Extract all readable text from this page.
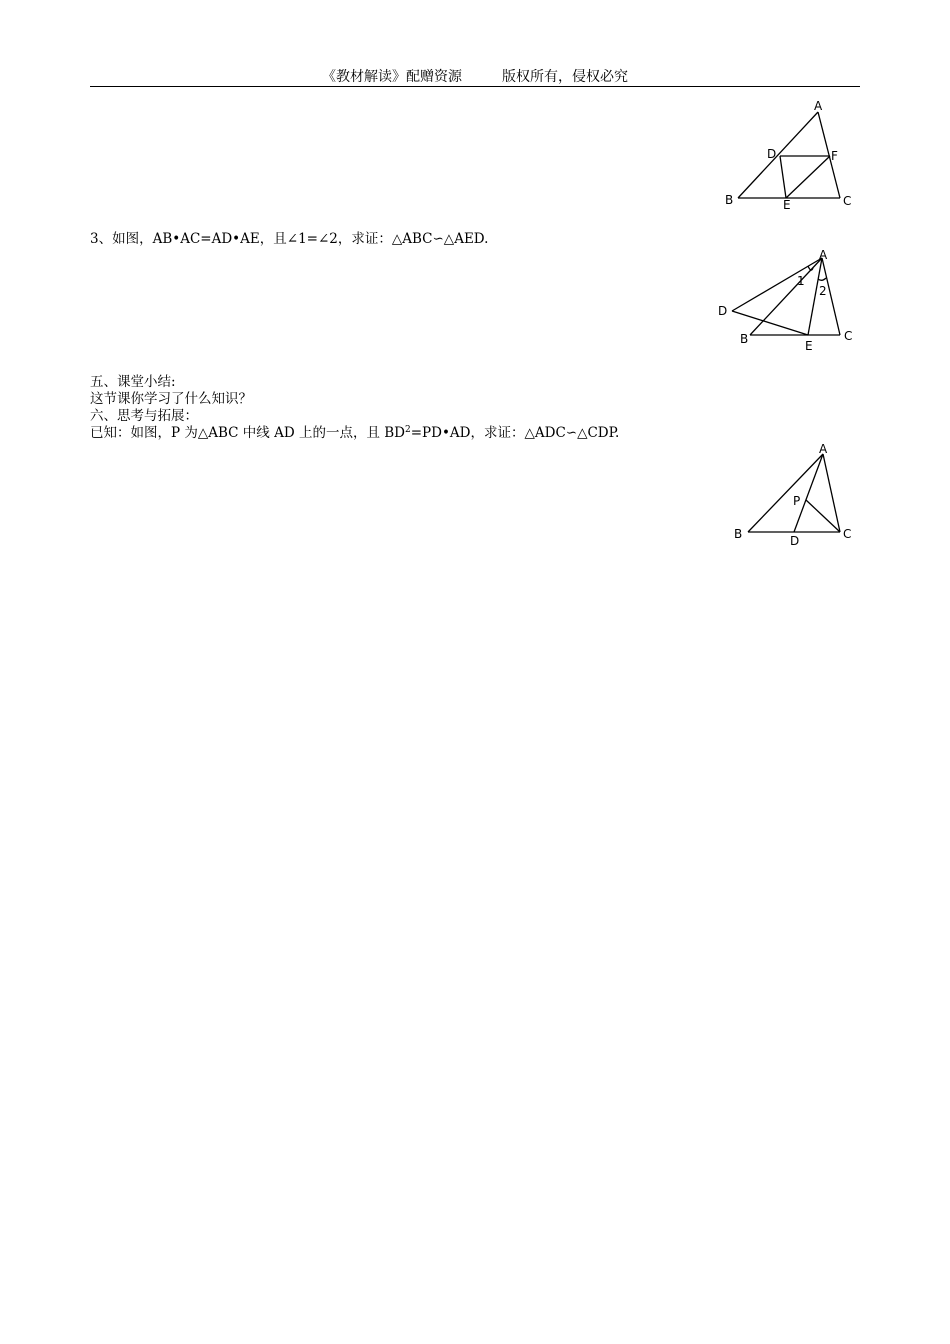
《教材解读》配赠资源	版权所有，侵权必究
A
D	F
B	E	C
3、如图，AB•AC=AD•AE，且∠1=∠2，求证：△ABC∽△AED.
A
1
2
D
B	E
C
五、课堂小结:
这节课你学习了什么知识？
六、思考与拓展：
已知：如图，P 为△ABC 中线 AD 上的一点，且 $BD^2=PD•AD$，求证：△ADC∽△CDP.
A
P
B	D	C
